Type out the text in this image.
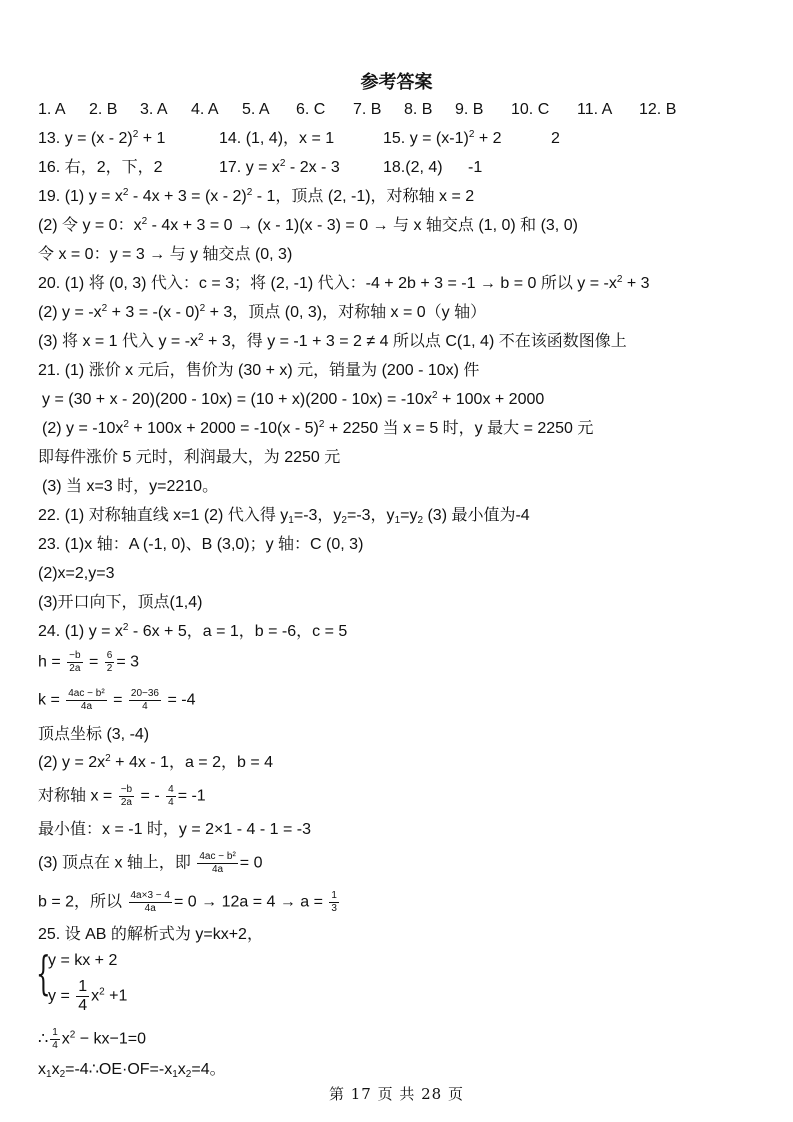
参考答案
1. A 2. B 3. A 4. A 5. A 6. C 7. B 8. B 9. B 10. C 11. A 12. B
13. y = (x - 2)$^2$ + 1	14. (1, 4)，x = 1	15. $y = (x-1)^2 + 2$	2
16. 右，2，下，2	17. $y = x^2 - 2x - 3$	18.(2, 4) -1
19. (1) $y = x^2 - 4x + 3 = (x - 2)^2 - 1$，顶点 (2, -1)，对称轴 x = 2
(2) 令 y = 0：$x^2 - 4x + 3 = 0 \to (x - 1)(x - 3) = 0$ → 与 x 轴交点 (1, 0) 和 (3, 0)
令 x = 0：y = 3 → 与 y 轴交点 (0, 3)
20. (1) 将 (0, 3) 代入：c = 3；将 (2, -1) 代入：-4 + 2b + 3 = -1 → b = 0 所以 $y = -x^2 + 3$
(2) $y = -x^2 + 3 = -(x - 0)^2 + 3$，顶点 (0, 3)，对称轴 x = 0（y 轴）
(3) 将 x = 1 代入 $y = -x^2 + 3$，得 y = -1 + 3 = 2 ≠ 4 所以点 C(1, 4) 不在该函数图像上
21. (1) 涨价 x 元后，售价为 (30 + x) 元，销量为 (200 - 10x) 件
$y = (30 + x - 20)(200 - 10x) = (10 + x)(200 - 10x) = -10x^2 + 100x + 2000$
(2) $y = -10x^2 + 100x + 2000 = -10(x - 5)^2 + 2250$ 当 x = 5 时，y 最大 = 2250 元
即每件涨价 5 元时，利润最大，为 2250 元
(3) 当 x=3 时，y=2210。
22. (1) 对称轴直线 x=1 (2) 代入得 $y_1=-3$，$y_2=-3$，$y_1=y_2$ (3) 最小值为-4
23. (1)x 轴：A (-1, 0)、B (3,0)；y 轴：C (0, 3)
(2)x=2,y=3
(3)开口向下，顶点(1,4)
24. (1) $y = x^2 - 6x + 5$，a = 1，b = -6，c = 5
$h = \frac{-b}{2a} = \frac{6}{2} = 3$
$k = \frac{\text{4ac − b²}}{4a} = \frac{20-36}{4} = -4$
顶点坐标 (3, -4)
(2) $y = 2x^2 + 4x - 1$，a = 2，b = 4
对称轴 $x = \frac{-b}{2a}$ = - $\frac{4}{4} = -1$
最小值：x = -1 时，y = 2×1 - 4 - 1 = -3
(3) 顶点在 x 轴上，即 $\frac{\text{4ac − b²}}{4a} = 0$
b = 2，所以 $\frac{4a\times 3 - 4}{4a} = 0 \to 12a = 4 \to a = \frac{1}{3}$
25. 设 AB 的解析式为 y=kx+2，
{
y = kx + 2
$y = \frac{1}{4} x^2 +1$
∴ $\frac{1}{4} x^2 - kx-1=0$
$x_1x_2=-4\therefore OE\cdot OF=-x_1x_2=4$。
第 17 页 共 28 页
